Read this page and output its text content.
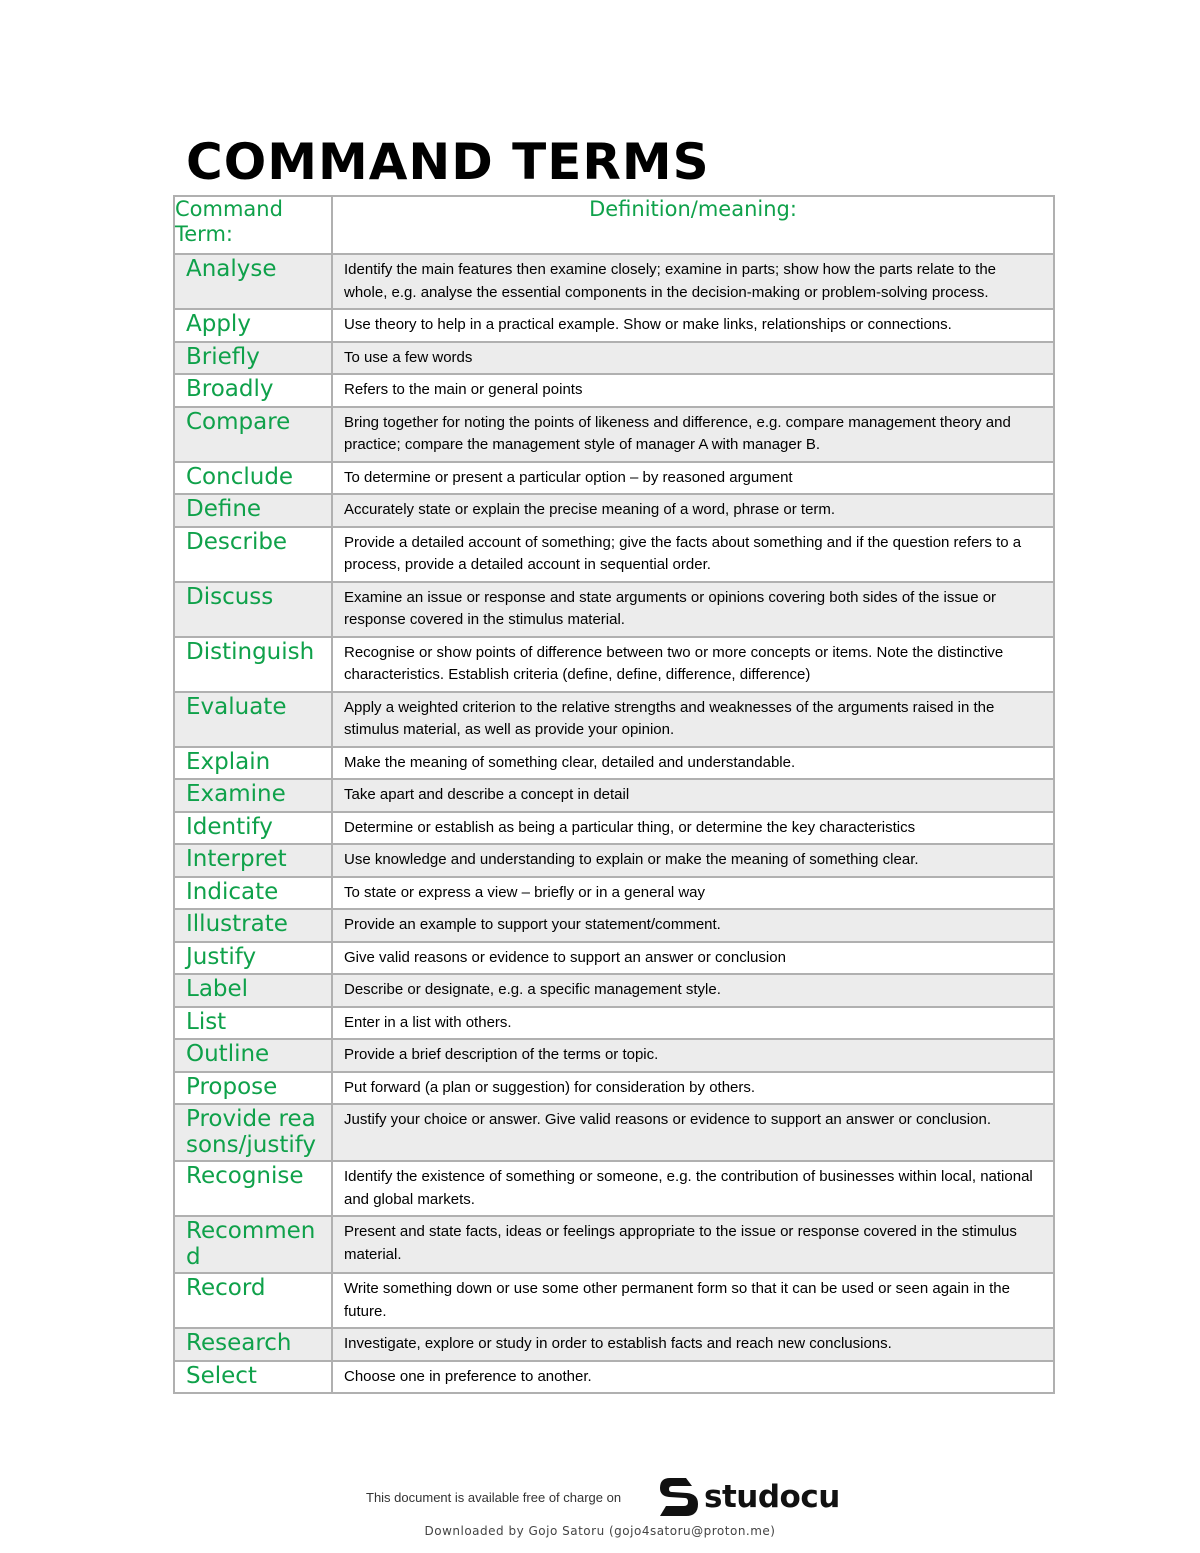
COMMAND TERMS
Command Term:	Definition/meaning:
Analyse	Identify the main features then examine closely; examine in parts; show how the parts relate to the whole, e.g. analyse the essential components in the decision-making or problem-solving process.
Apply	Use theory to help in a practical example. Show or make links, relationships or connections.
Briefly	To use a few words
Broadly	Refers to the main or general points
Compare	Bring together for noting the points of likeness and difference, e.g. compare management theory and practice; compare the management style of manager A with manager B.
Conclude	To determine or present a particular option – by reasoned argument
Define	Accurately state or explain the precise meaning of a word, phrase or term.
Describe	Provide a detailed account of something; give the facts about something and if the question refers to a process, provide a detailed account in sequential order.
Discuss	Examine an issue or response and state arguments or opinions covering both sides of the issue or response covered in the stimulus material.
Distinguish	Recognise or show points of difference between two or more concepts or items. Note the distinctive characteristics. Establish criteria (define, define, difference, difference)
Evaluate	Apply a weighted criterion to the relative strengths and weaknesses of the arguments raised in the stimulus material, as well as provide your opinion.
Explain	Make the meaning of something clear, detailed and understandable.
Examine	Take apart and describe a concept in detail
Identify	Determine or establish as being a particular thing, or determine the key characteristics
Interpret	Use knowledge and understanding to explain or make the meaning of something clear.
Indicate	To state or express a view – briefly or in a general way
Illustrate	Provide an example to support your statement/comment.
Justify	Give valid reasons or evidence to support an answer or conclusion
Label	Describe or designate, e.g. a specific management style.
List	Enter in a list with others.
Outline	Provide a brief description of the terms or topic.
Propose	Put forward (a plan or suggestion) for consideration by others.
Provide reasons/justify	Justify your choice or answer. Give valid reasons or evidence to support an answer or conclusion.
Recognise	Identify the existence of something or someone, e.g. the contribution of businesses within local, national and global markets.
Recommend	Present and state facts, ideas or feelings appropriate to the issue or response covered in the stimulus material.
Record	Write something down or use some other permanent form so that it can be used or seen again in the future.
Research	Investigate, explore or study in order to establish facts and reach new conclusions.
Select	Choose one in preference to another.
This document is available free of charge on	studocu
Downloaded by Gojo Satoru (gojo4satoru@proton.me)
